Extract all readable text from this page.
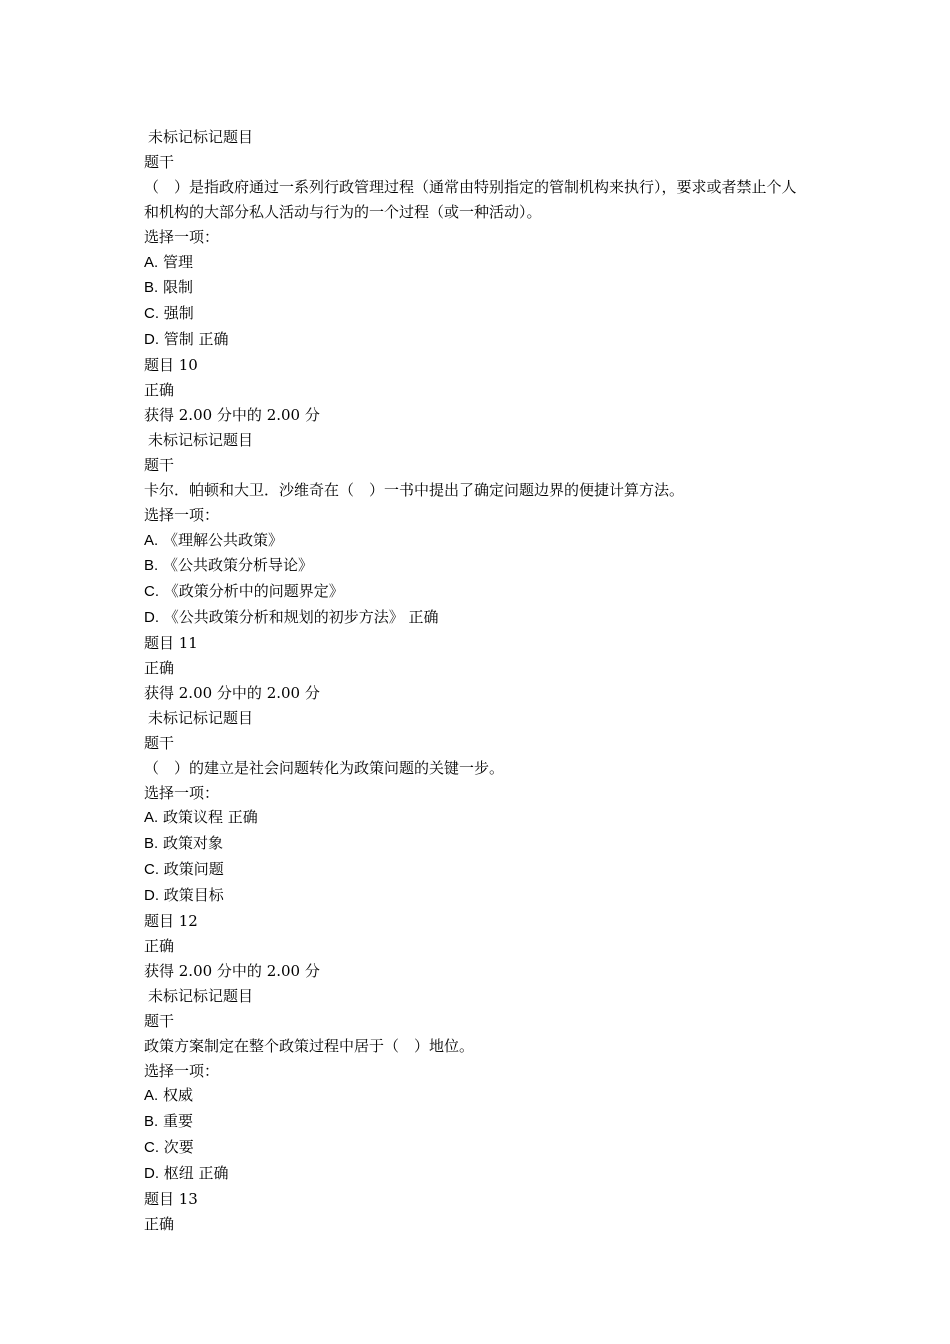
未标记标记题目
题干
（　）是指政府通过一系列行政管理过程（通常由特别指定的管制机构来执行），要求或者禁止个人和机构的大部分私人活动与行为的一个过程（或一种活动）。
选择一项：
A. 管理
B. 限制
C. 强制
D. 管制 正确
题目 10
正确
获得 2.00 分中的 2.00 分
未标记标记题目
题干
卡尔．帕顿和大卫．沙维奇在（　）一书中提出了确定问题边界的便捷计算方法。
选择一项：
A. 《理解公共政策》
B. 《公共政策分析导论》
C. 《政策分析中的问题界定》
D. 《公共政策分析和规划的初步方法》 正确
题目 11
正确
获得 2.00 分中的 2.00 分
未标记标记题目
题干
（　）的建立是社会问题转化为政策问题的关键一步。
选择一项：
A. 政策议程 正确
B. 政策对象
C. 政策问题
D. 政策目标
题目 12
正确
获得 2.00 分中的 2.00 分
未标记标记题目
题干
政策方案制定在整个政策过程中居于（　）地位。
选择一项：
A. 权威
B. 重要
C. 次要
D. 枢纽 正确
题目 13
正确
